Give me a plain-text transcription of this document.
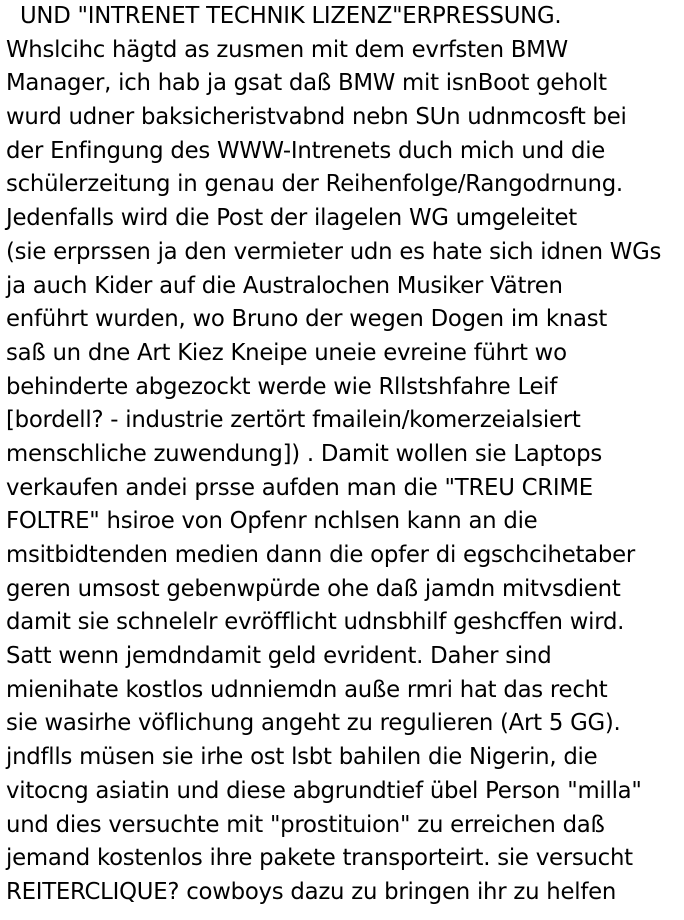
UND "INTRENET TECHNIK LIZENZ"ERPRESSUNG.
Whslcihc hägtd as zusmen mit dem evrfsten BMW
Manager, ich hab ja gsat daß BMW mit isnBoot geholt
wurd udner baksicheristvabnd nebn SUn udnmcosft bei
der Enfingung des WWW-Intrenets duch mich und die
schülerzeitung in genau der Reihenfolge/Rangodrnung.
Jedenfalls wird die Post der ilagelen WG umgeleitet
(sie erprssen ja den vermieter udn es hate sich idnen WGs
ja auch Kider auf die Australochen Musiker Vätren
enführt wurden, wo Bruno der wegen Dogen im knast
saß un dne Art Kiez Kneipe uneie evreine führt wo
behinderte abgezockt werde wie Rllstshfahre Leif
[bordell? - industrie zertört fmailein/komerzeialsiert
menschliche zuwendung]) . Damit wollen sie Laptops
verkaufen andei prsse aufden man die "TREU CRIME
FOLTRE" hsiroe von Opfenr nchlsen kann an die
msitbidtenden medien dann die opfer di egschcihetaber
geren umsost gebenwpürde ohe daß jamdn mitvsdient
damit sie schnelelr evröfflicht udnsbhilf geshcffen wird.
Satt wenn jemdndamit geld evrident. Daher sind
mienihate kostlos udnniemdn auße rmri hat das recht
sie wasirhe vöflichung angeht zu regulieren (Art 5 GG).
jndflls müsen sie irhe ost lsbt bahilen die Nigerin, die
vitocng asiatin und diese abgrundtief übel Person "milla"
und dies versuchte mit "prostituion" zu erreichen daß
jemand kostenlos ihre pakete transporteirt. sie versucht
REITERCLIQUE? cowboys dazu zu bringen ihr zu helfen
